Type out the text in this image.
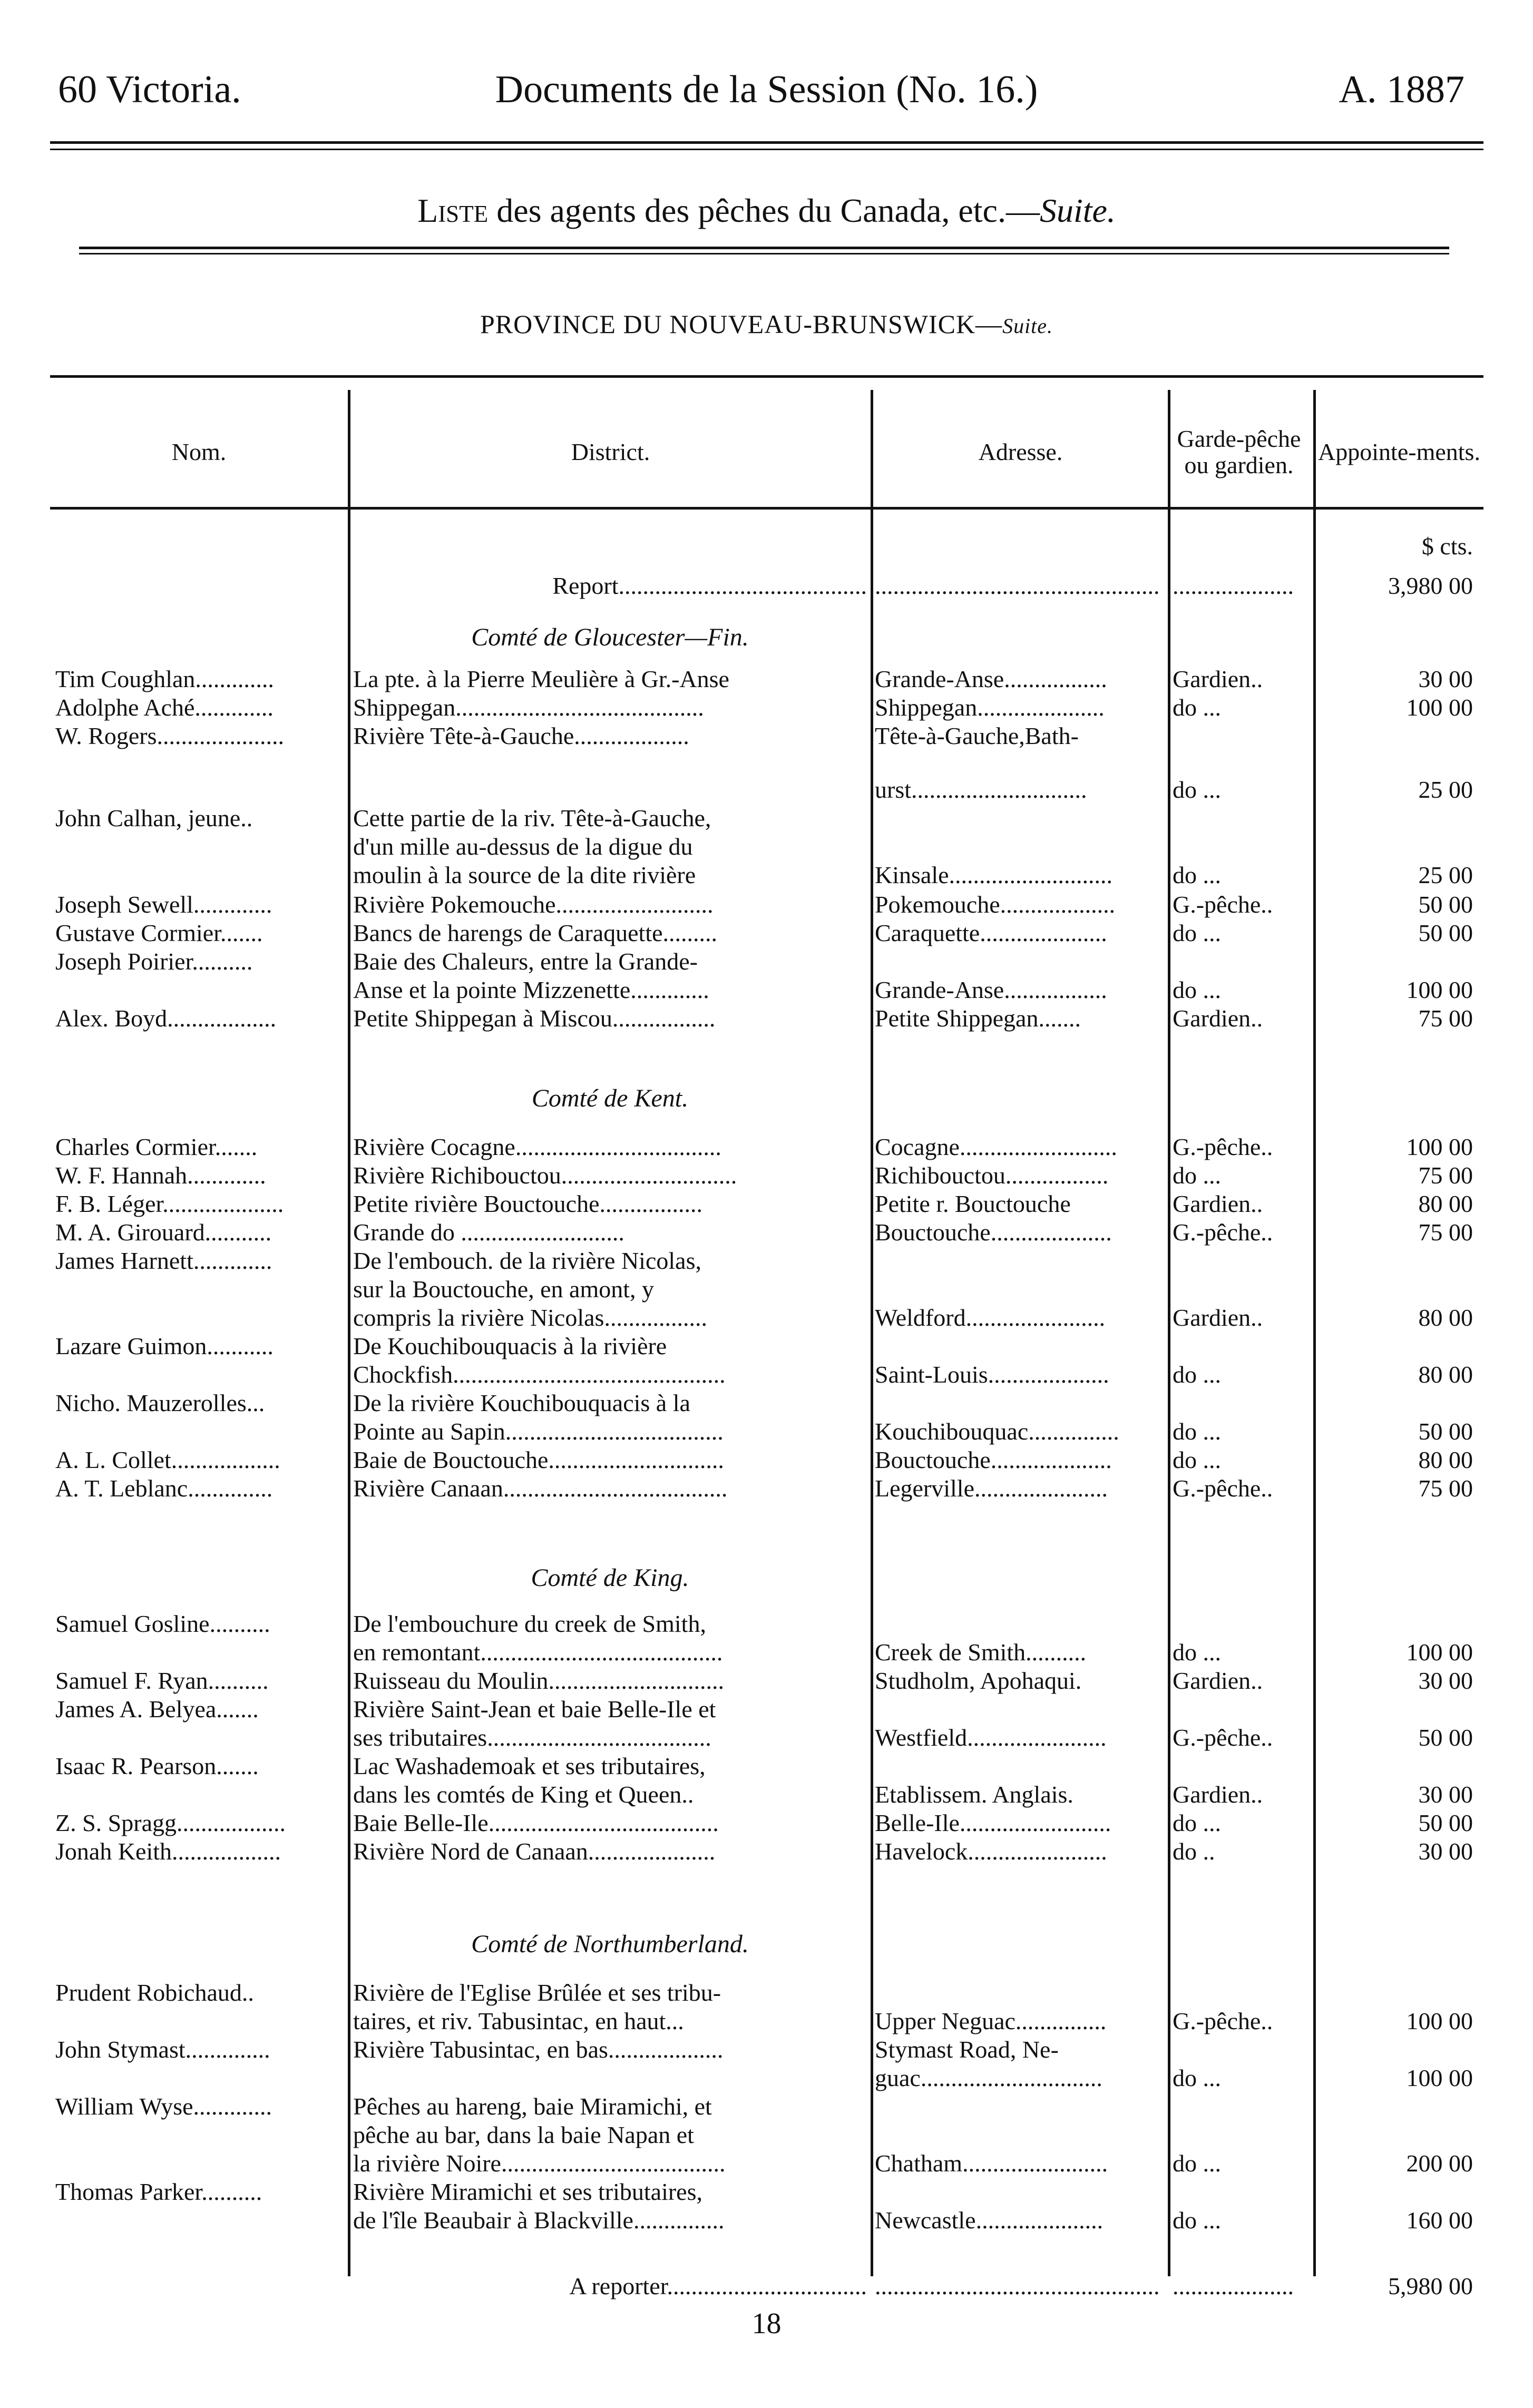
60 Victoria.	Documents de la Session (No. 16.)	A. 1887
Liste des agents des pêches du Canada, etc.—Suite.
PROVINCE DU NOUVEAU-BRUNSWICK—Suite.
Nom.	District.	Adresse.	Garde-pêche ou gardien.	Appointe-ments.
$ cts.
Report......................................... ............................................... ....................	3,980 00
Comté de Gloucester—Fin.
Comté de Kent.
Comté de King.
Comté de Northumberland.
Tim Coughlan.............	La pte. à la Pierre Meulière à Gr.-Anse	Grande-Anse.................	Gardien..	30 00
Adolphe Aché.............	Shippegan.........................................	Shippegan.....................	do ...	100 00
W. Rogers.....................	Rivière Tête-à-Gauche...................	Tête-à-Gauche,Bath-
urst.............................	do ...	25 00
John Calhan, jeune..	Cette partie de la riv. Tête-à-Gauche,
d'un mille au-dessus de la digue du
moulin à la source de la dite rivière	Kinsale...........................	do ...	25 00
Joseph Sewell.............	Rivière Pokemouche..........................	Pokemouche...................	G.-pêche..	50 00
Gustave Cormier.......	Bancs de harengs de Caraquette.........	Caraquette.....................	do ...	50 00
Joseph Poirier..........	Baie des Chaleurs, entre la Grande-
Anse et la pointe Mizzenette.............	Grande-Anse.................	do ...	100 00
Alex. Boyd..................	Petite Shippegan à Miscou.................	Petite Shippegan.......	Gardien..	75 00
Charles Cormier.......	Rivière Cocagne..................................	Cocagne..........................	G.-pêche..	100 00
W. F. Hannah.............	Rivière Richibouctou.............................	Richibouctou.................	do ...	75 00
F. B. Léger....................	Petite rivière Bouctouche.................	Petite r. Bouctouche	Gardien..	80 00
M. A. Girouard...........	Grande do ...........................	Bouctouche....................	G.-pêche..	75 00
James Harnett.............	De l'embouch. de la rivière Nicolas,
sur la Bouctouche, en amont, y
compris la rivière Nicolas.................	Weldford.......................	Gardien..	80 00
Lazare Guimon...........	De Kouchibouquacis à la rivière
Chockfish.............................................	Saint-Louis....................	do ...	80 00
Nicho. Mauzerolles...	De la rivière Kouchibouquacis à la
Pointe au Sapin....................................	Kouchibouquac...............	do ...	50 00
A. L. Collet..................	Baie de Bouctouche.............................	Bouctouche....................	do ...	80 00
A. T. Leblanc..............	Rivière Canaan.....................................	Legerville......................	G.-pêche..	75 00
Samuel Gosline..........	De l'embouchure du creek de Smith,
en remontant........................................	Creek de Smith..........	do ...	100 00
Samuel F. Ryan..........	Ruisseau du Moulin.............................	Studholm, Apohaqui.	Gardien..	30 00
James A. Belyea.......	Rivière Saint-Jean et baie Belle-Ile et
ses tributaires.....................................	Westfield.......................	G.-pêche..	50 00
Isaac R. Pearson.......	Lac Washademoak et ses tributaires,
dans les comtés de King et Queen..	Etablissem. Anglais.	Gardien..	30 00
Z. S. Spragg..................	Baie Belle-Ile......................................	Belle-Ile.........................	do ...	50 00
Jonah Keith..................	Rivière Nord de Canaan.....................	Havelock.......................	do ..	30 00
Prudent Robichaud..	Rivière de l'Eglise Brûlée et ses tribu-
taires, et riv. Tabusintac, en haut...	Upper Neguac...............	G.-pêche..	100 00
John Stymast..............	Rivière Tabusintac, en bas...................	Stymast Road, Ne-
guac..............................	do ...	100 00
William Wyse.............	Pêches au hareng, baie Miramichi, et
pêche au bar, dans la baie Napan et
la rivière Noire.....................................	Chatham........................	do ...	200 00
Thomas Parker..........	Rivière Miramichi et ses tributaires,
de l'île Beaubair à Blackville...............	Newcastle.....................	do ...	160 00
A reporter................................. ............................................... ....................	5,980 00
18
